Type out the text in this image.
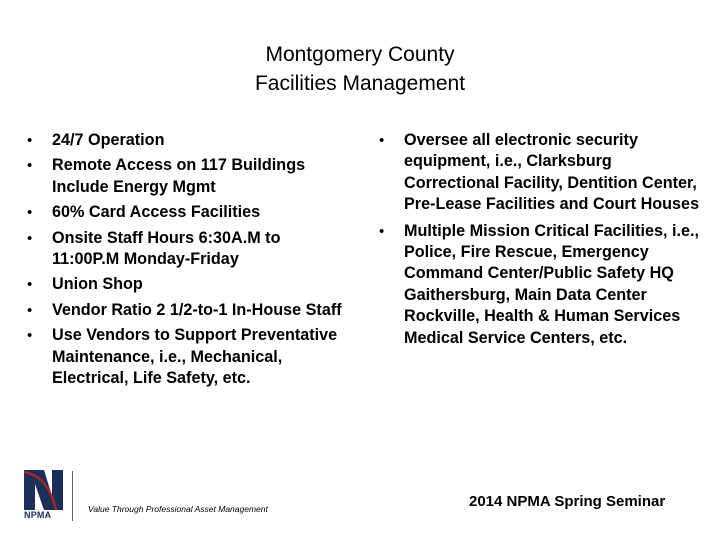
Montgomery County
Facilities Management
• 24/7 Operation
• Remote Access on 117 Buildings Include Energy Mgmt
• 60% Card Access Facilities
• Onsite Staff Hours 6:30A.M to 11:00P.M Monday-Friday
• Union Shop
• Vendor Ratio 2 1/2-to-1 In-House Staff
• Use Vendors to Support Preventative Maintenance, i.e., Mechanical, Electrical, Life Safety, etc.
• Oversee all electronic security equipment, i.e., Clarksburg Correctional Facility, Dentition Center, Pre-Lease Facilities and Court Houses
• Multiple Mission Critical Facilities, i.e., Police, Fire Rescue, Emergency Command Center/Public Safety HQ Gaithersburg, Main Data Center Rockville, Health & Human Services Medical Service Centers, etc.
NPMA
Value Through Professional Asset Management	2014 NPMA Spring Seminar
